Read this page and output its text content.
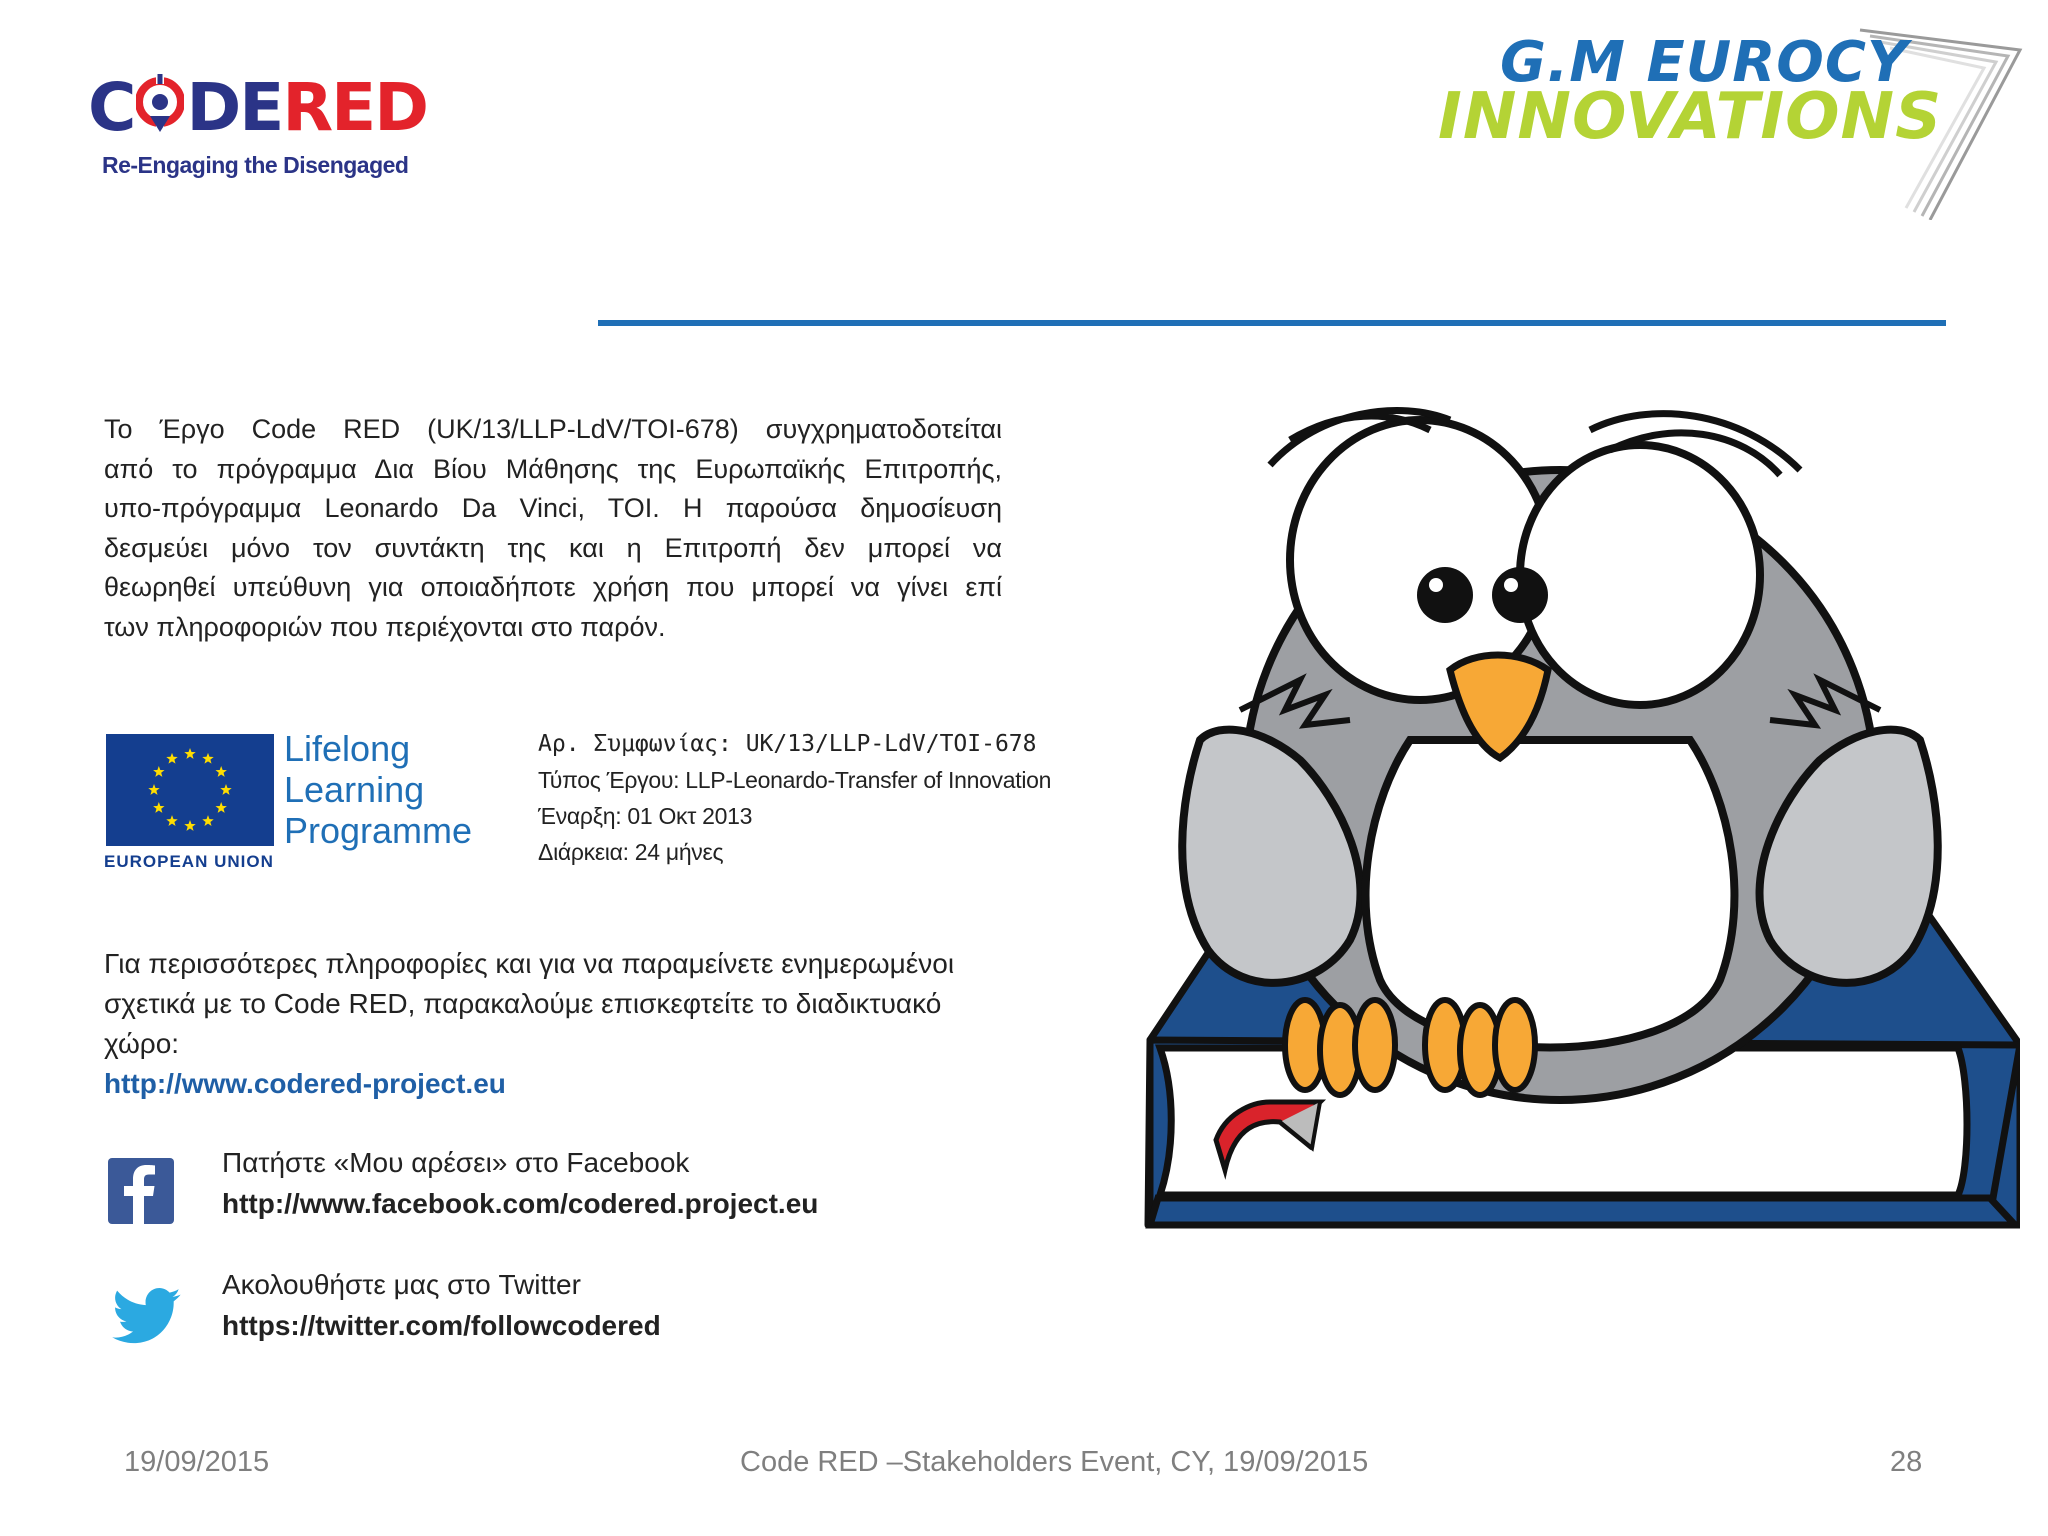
C DERED
Re-Engaging the Disengaged
G.M EUROCY
INNOVATIONS

Το Έργο Code RED (UK/13/LLP-LdV/TOI-678) συγχρηματοδοτείται

από το πρόγραμμα Δια Βίου Μάθησης της Ευρωπαϊκής Επιτροπής,

υπο-πρόγραμμα Leonardo Da Vinci, TOI. Η παρούσα δημοσίευση

δεσμεύει μόνο τον συντάκτη της και η Επιτροπή δεν μπορεί να

θεωρηθεί υπεύθυνη για οποιαδήποτε χρήση που μπορεί να γίνει επί

των πληροφοριών που περιέχονται στο παρόν.

EUROPEAN UNION
Lifelong
Learning
Programme
Αρ. Συμφωνίας: UK/13/LLP-LdV/TOI-678
Τύπος Έργου: LLP-Leonardo-Transfer of Innovation
Έναρξη: 01 Οκτ 2013
Διάρκεια: 24 μήνες

Για περισσότερες πληροφορίες και για να παραμείνετε ενημερωμένοι

σχετικά με το Code RED, παρακαλούμε επισκεφτείτε το διαδικτυακό

χώρο:

http://www.codered-project.eu

Πατήστε «Μου αρέσει» στο Facebook
http://www.facebook.com/codered.project.eu
Ακολουθήστε μας στο Twitter
https://twitter.com/followcodered
19/09/2015	Code RED –Stakeholders Event, CY, 19/09/2015	28
